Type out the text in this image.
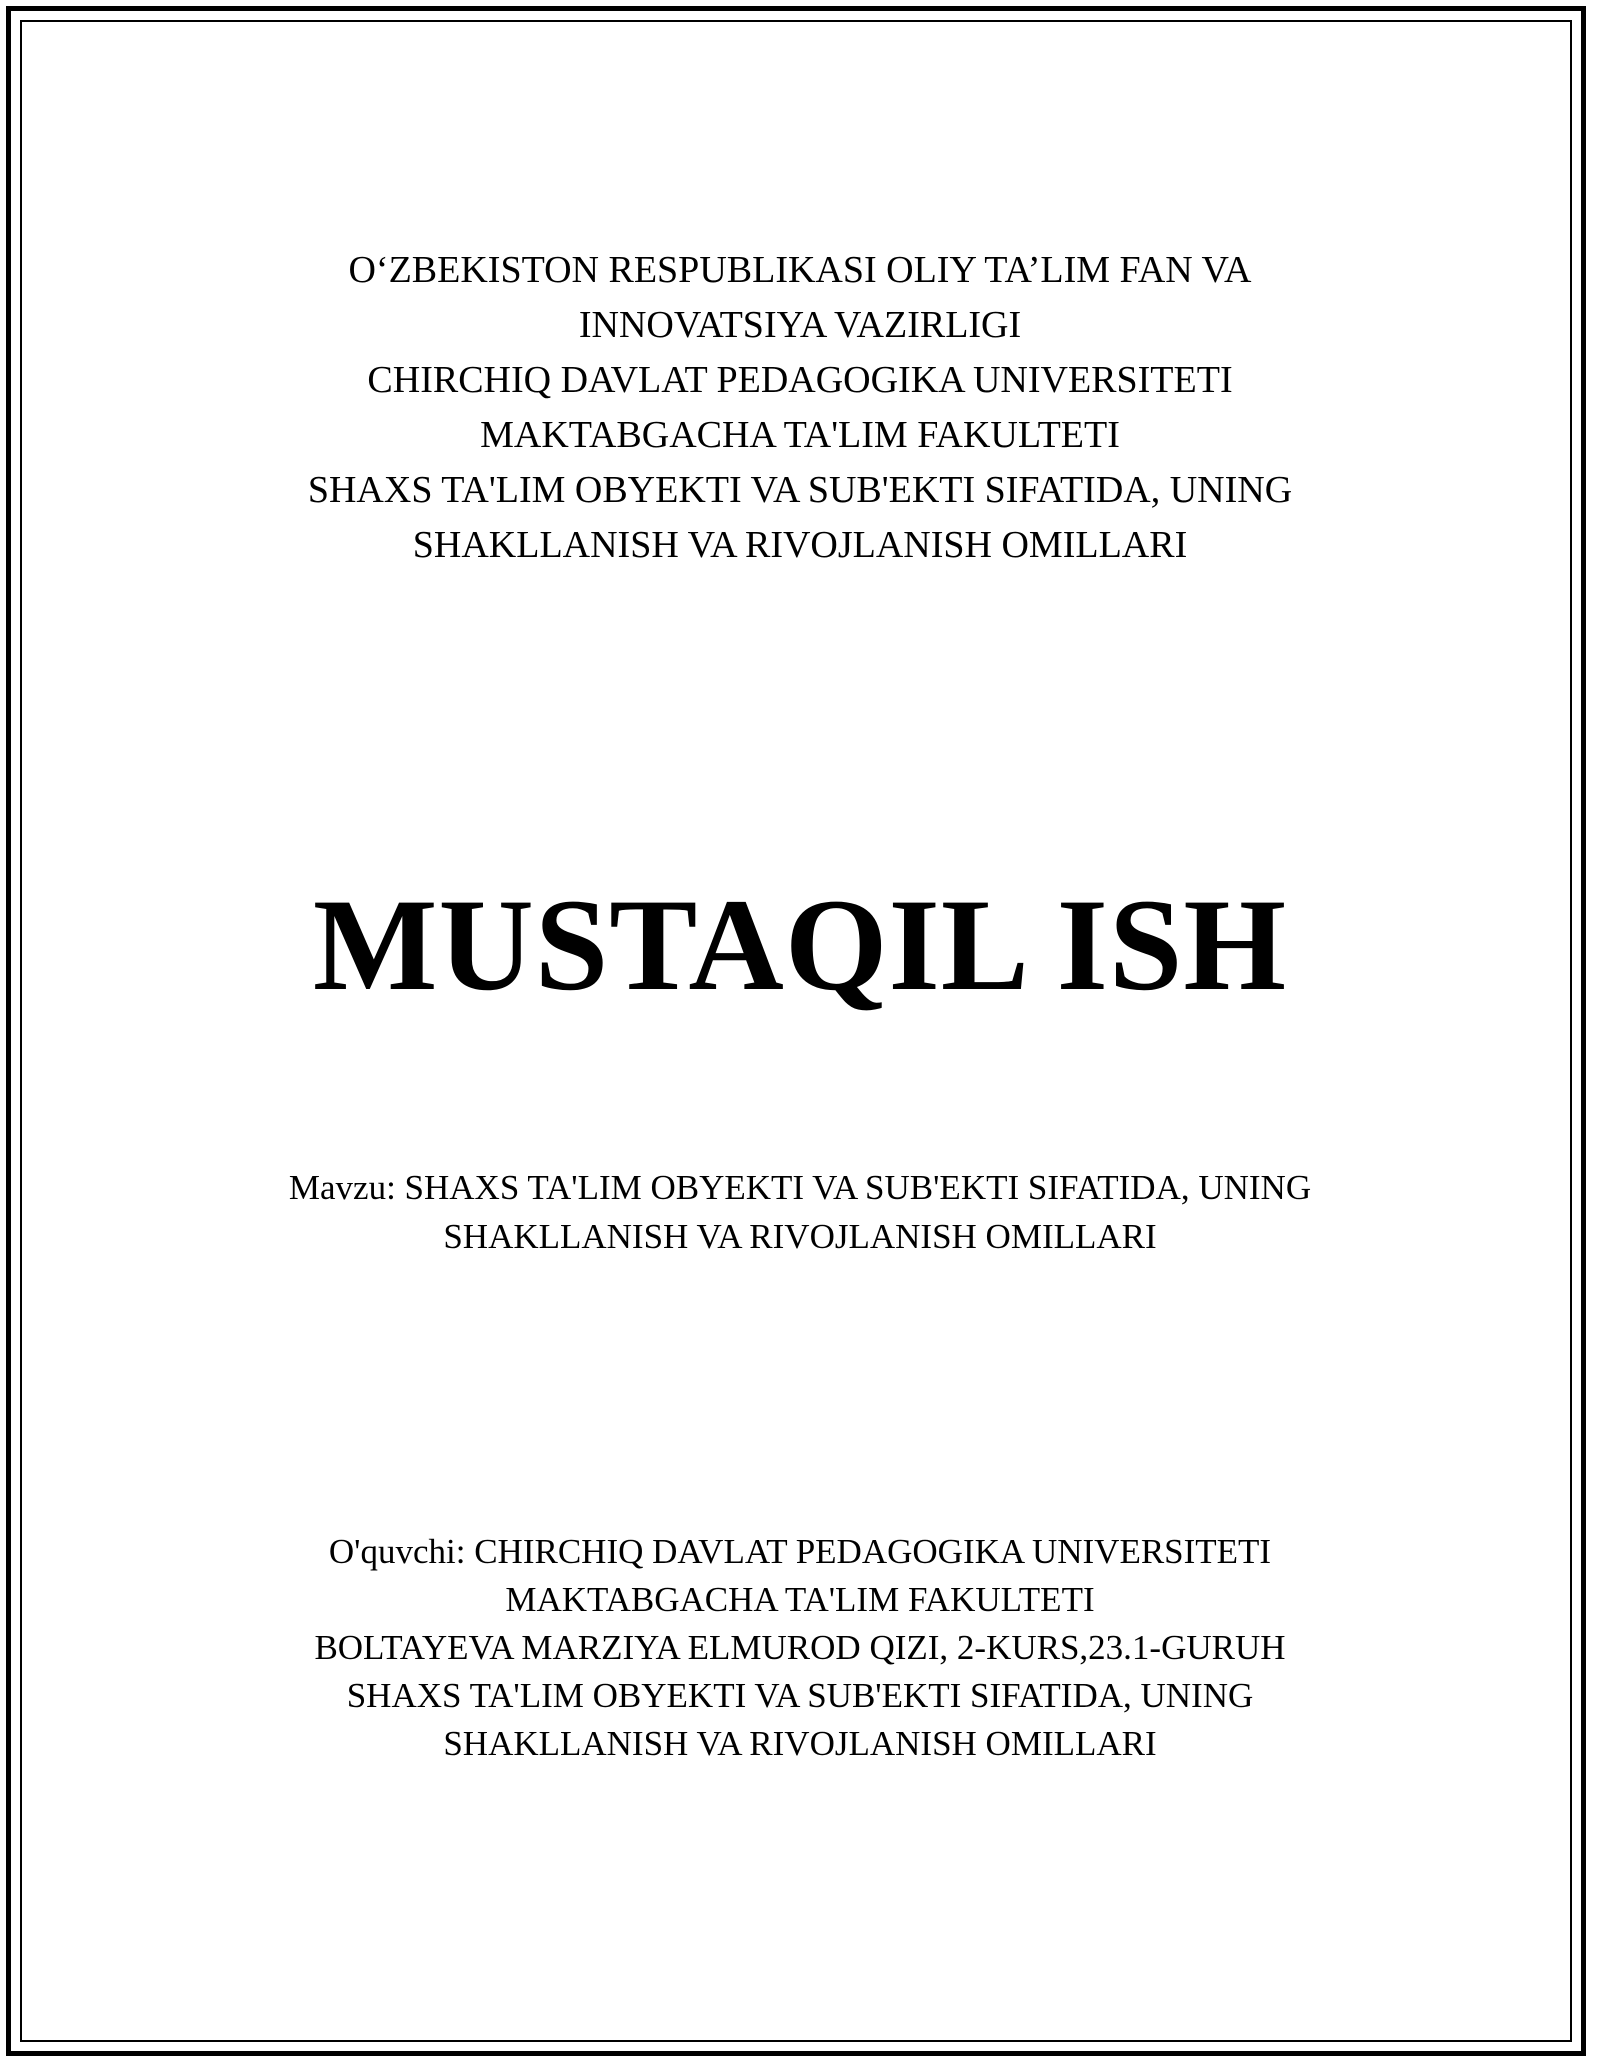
O‘ZBEKISTON RESPUBLIKASI OLIY TA’LIM FAN VA
INNOVATSIYA VAZIRLIGI
CHIRCHIQ DAVLAT PEDAGOGIKA UNIVERSITETI
MAKTABGACHA TA'LIM FAKULTETI
SHAXS TA'LIM OBYEKTI VA SUB'EKTI SIFATIDA, UNING
SHAKLLANISH VA RIVOJLANISH OMILLARI
MUSTAQIL ISH
Mavzu: SHAXS TA'LIM OBYEKTI VA SUB'EKTI SIFATIDA, UNING
SHAKLLANISH VA RIVOJLANISH OMILLARI
O'quvchi: CHIRCHIQ DAVLAT PEDAGOGIKA UNIVERSITETI
MAKTABGACHA TA'LIM FAKULTETI
BOLTAYEVA MARZIYA ELMUROD QIZI, 2-KURS,23.1-GURUH
SHAXS TA'LIM OBYEKTI VA SUB'EKTI SIFATIDA, UNING
SHAKLLANISH VA RIVOJLANISH OMILLARI
